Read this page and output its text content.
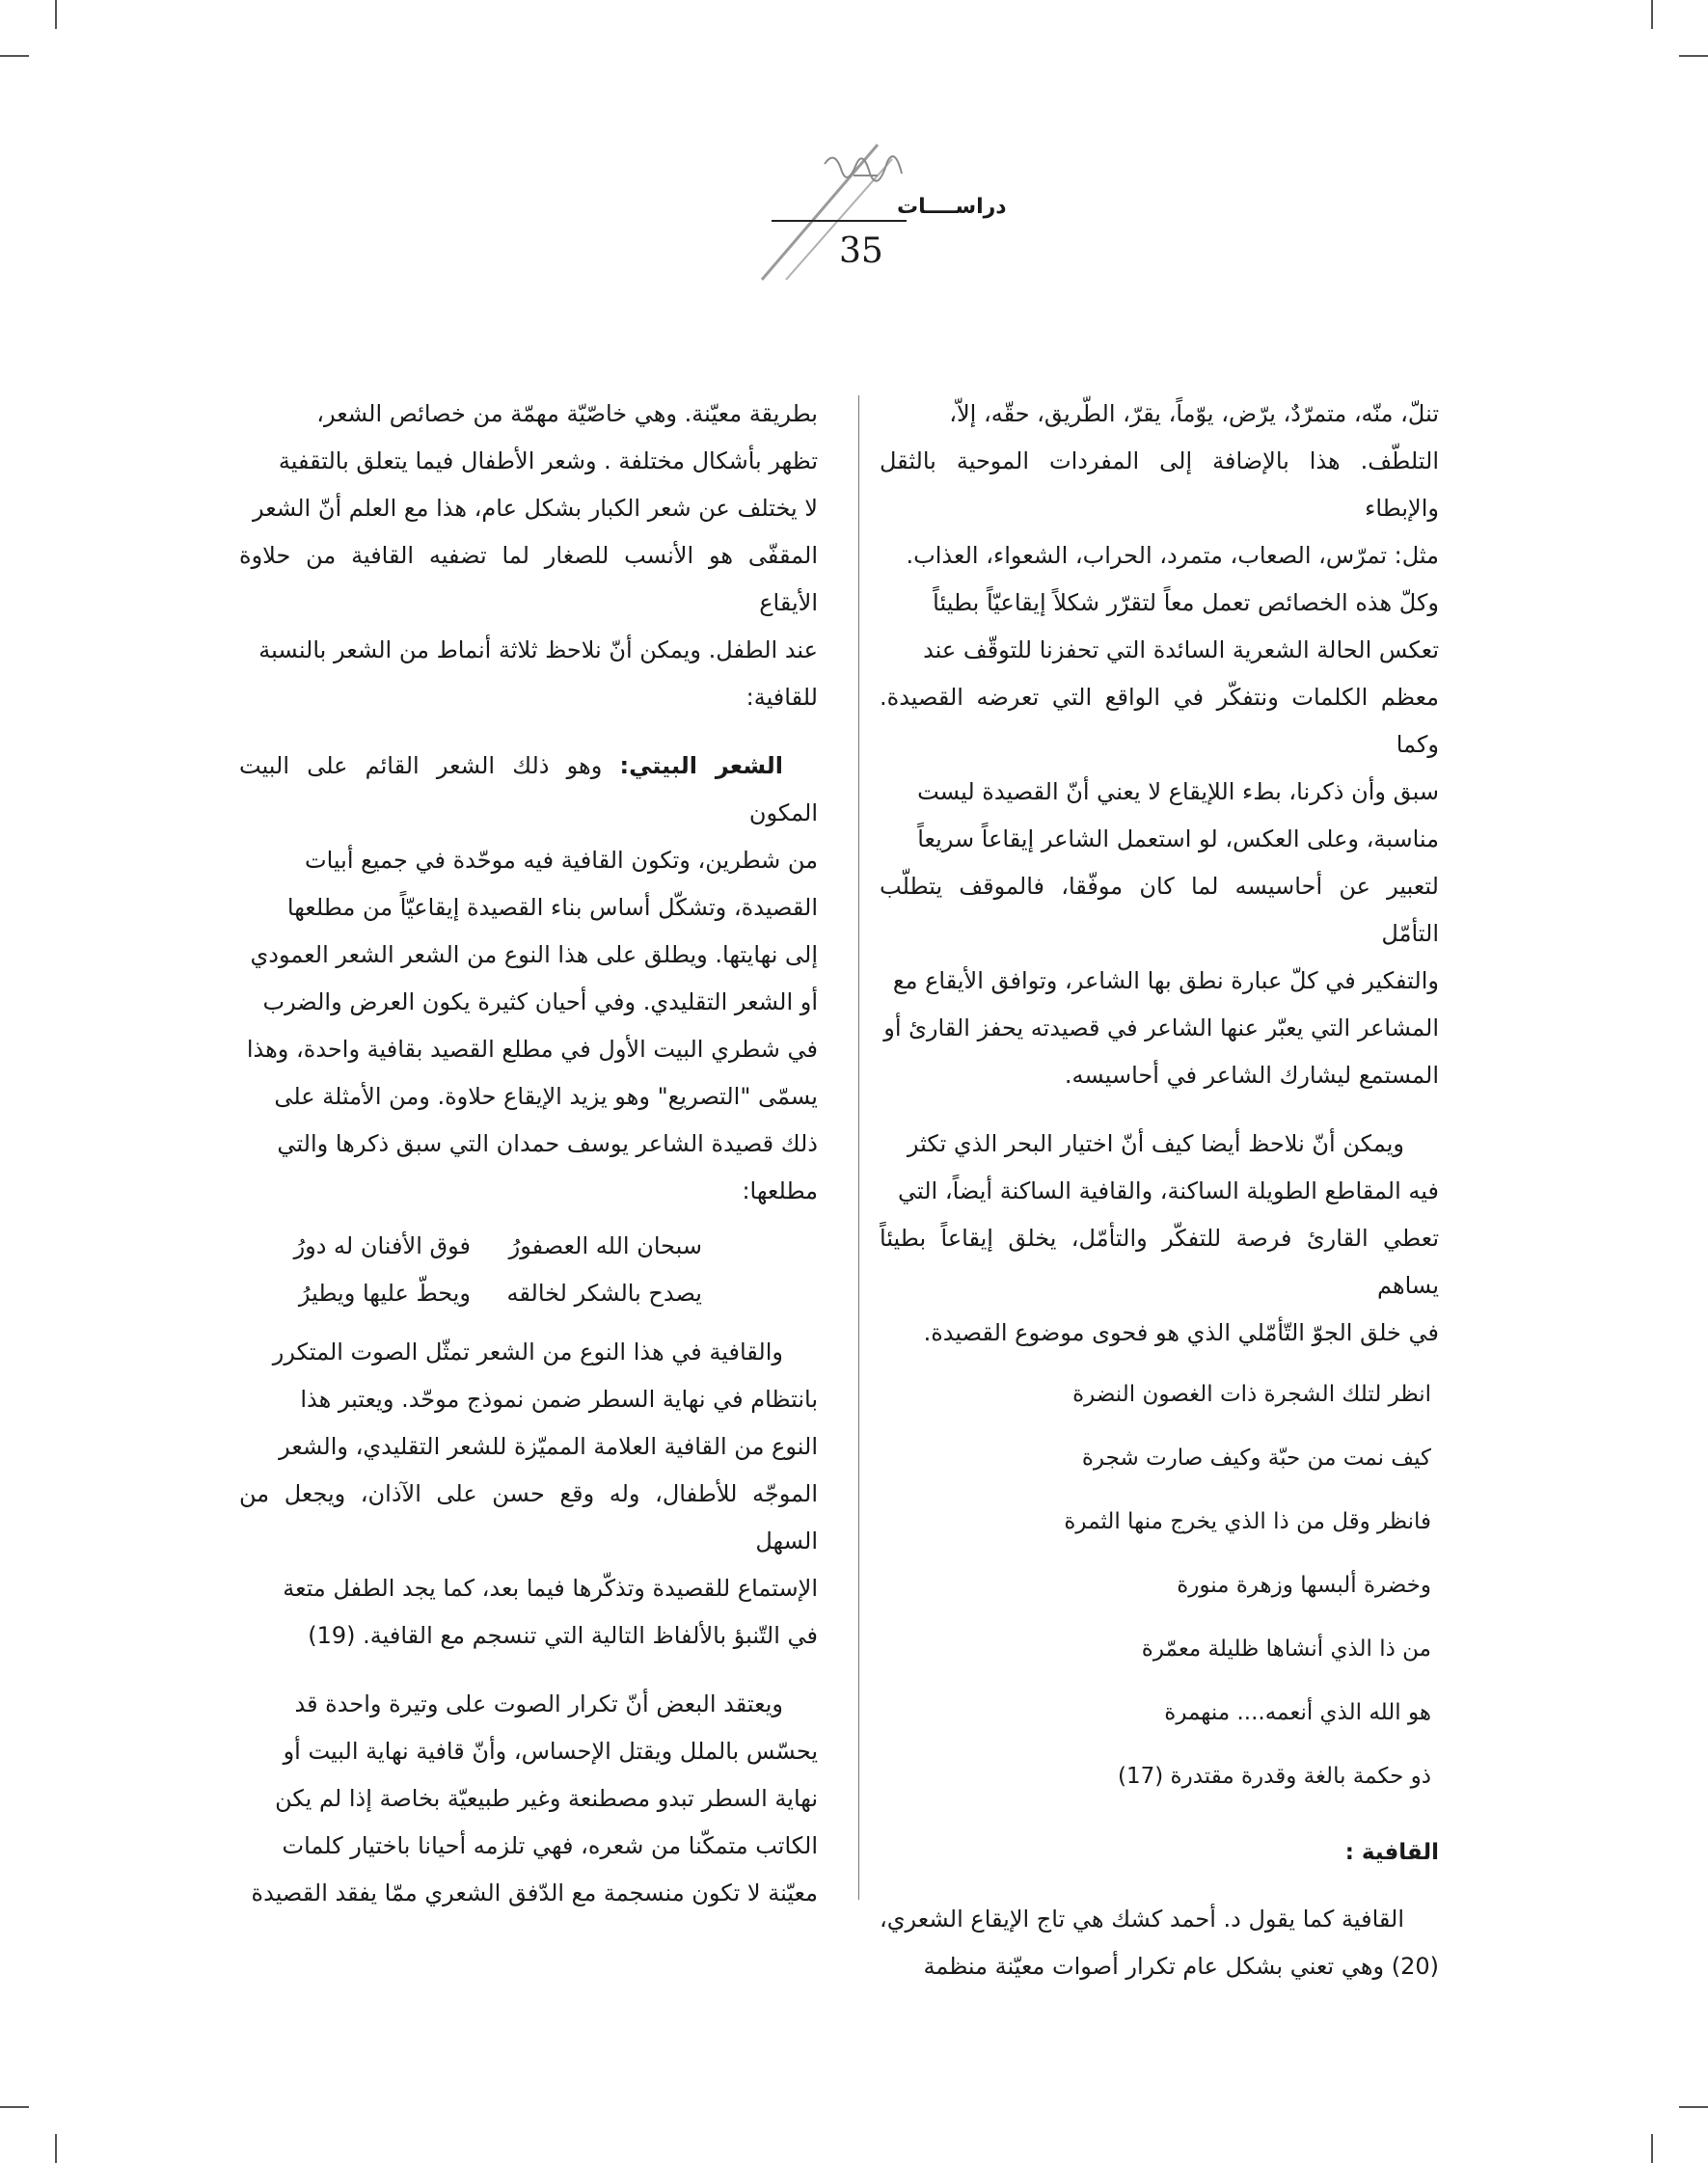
دراســــات
35
تنلّ، منّه، متمرّدٌ، يرّض، يوّماً، يقرّ، الطّريق، حقّه، إلاّ،
التلطّف. هذا بالإضافة إلى المفردات الموحية بالثقل والإبطاء
مثل: تمرّس، الصعاب، متمرد، الحراب، الشعواء، العذاب.
وكلّ هذه الخصائص تعمل معاً لتقرّر شكلاً إيقاعيّاً بطيئاً
تعكس الحالة الشعرية السائدة التي تحفزنا للتوقّف عند
معظم الكلمات ونتفكّر في الواقع التي تعرضه القصيدة. وكما
سبق وأن ذكرنا، بطء اللإيقاع لا يعني أنّ القصيدة ليست
مناسبة، وعلى العكس، لو استعمل الشاعر إيقاعاً سريعاً
لتعبير عن أحاسيسه لما كان موفّقا، فالموقف يتطلّب التأمّل
والتفكير في كلّ عبارة نطق بها الشاعر، وتوافق الأيقاع مع
المشاعر التي يعبّر عنها الشاعر في قصيدته يحفز القارئ أو
المستمع ليشارك الشاعر في أحاسيسه.
ويمكن أنّ نلاحظ أيضا كيف أنّ اختيار البحر الذي تكثر
فيه المقاطع الطويلة الساكنة، والقافية الساكنة أيضاً، التي
تعطي القارئ فرصة للتفكّر والتأمّل، يخلق إيقاعاً بطيئاً يساهم
في خلق الجوّ التّأمّلي الذي هو فحوى موضوع القصيدة.
انظر لتلك الشجرة ذات الغصون النضرة
كيف نمت من حبّة وكيف صارت شجرة
فانظر وقل من ذا الذي يخرج منها الثمرة
وخضرة ألبسها وزهرة منورة
من ذا الذي أنشاها ظليلة معمّرة
هو الله الذي أنعمه.... منهمرة
ذو حكمة بالغة وقدرة مقتدرة (17)
القافية :
القافية كما يقول د. أحمد كشك هي تاج الإيقاع الشعري،
(20) وهي تعني بشكل عام تكرار أصوات معيّنة منظمة
بطريقة معيّنة. وهي خاصّيّة مهمّة من خصائص الشعر،
تظهر بأشكال مختلفة . وشعر الأطفال فيما يتعلق بالتقفية
لا يختلف عن شعر الكبار بشكل عام، هذا مع العلم أنّ الشعر
المقفّى هو الأنسب للصغار لما تضفيه القافية من حلاوة الأيقاع
عند الطفل. ويمكن أنّ نلاحظ ثلاثة أنماط من الشعر بالنسبة
للقافية:
الشعر البيتي: وهو ذلك الشعر القائم على البيت المكون
من شطرين، وتكون القافية فيه موحّدة في جميع أبيات
القصيدة، وتشكّل أساس بناء القصيدة إيقاعيّاً من مطلعها
إلى نهايتها. ويطلق على هذا النوع من الشعر الشعر العمودي
أو الشعر التقليدي. وفي أحيان كثيرة يكون العرض والضرب
في شطري البيت الأول في مطلع القصيد بقافية واحدة، وهذا
يسمّى "التصريع" وهو يزيد الإيقاع حلاوة. ومن الأمثلة على
ذلك قصيدة الشاعر يوسف حمدان التي سبق ذكرها والتي
مطلعها:
سبحان الله العصفورُ
فوق الأفنان له دورُ
يصدح بالشكر لخالقه
ويحطّ عليها ويطيرُ
والقافية في هذا النوع من الشعر تمثّل الصوت المتكرر
بانتظام في نهاية السطر ضمن نموذج موحّد. ويعتبر هذا
النوع من القافية العلامة المميّزة للشعر التقليدي، والشعر
الموجّه للأطفال، وله وقع حسن على الآذان، ويجعل من السهل
الإستماع للقصيدة وتذكّرها فيما بعد، كما يجد الطفل متعة
في التّنبؤ بالألفاظ التالية التي تنسجم مع القافية. (19)
ويعتقد البعض أنّ تكرار الصوت على وتيرة واحدة قد
يحسّس بالملل ويقتل الإحساس، وأنّ قافية نهاية البيت أو
نهاية السطر تبدو مصطنعة وغير طبيعيّة بخاصة إذا لم يكن
الكاتب متمكّنا من شعره، فهي تلزمه أحيانا باختيار كلمات
معيّنة لا تكون منسجمة مع الدّفق الشعري ممّا يفقد القصيدة
